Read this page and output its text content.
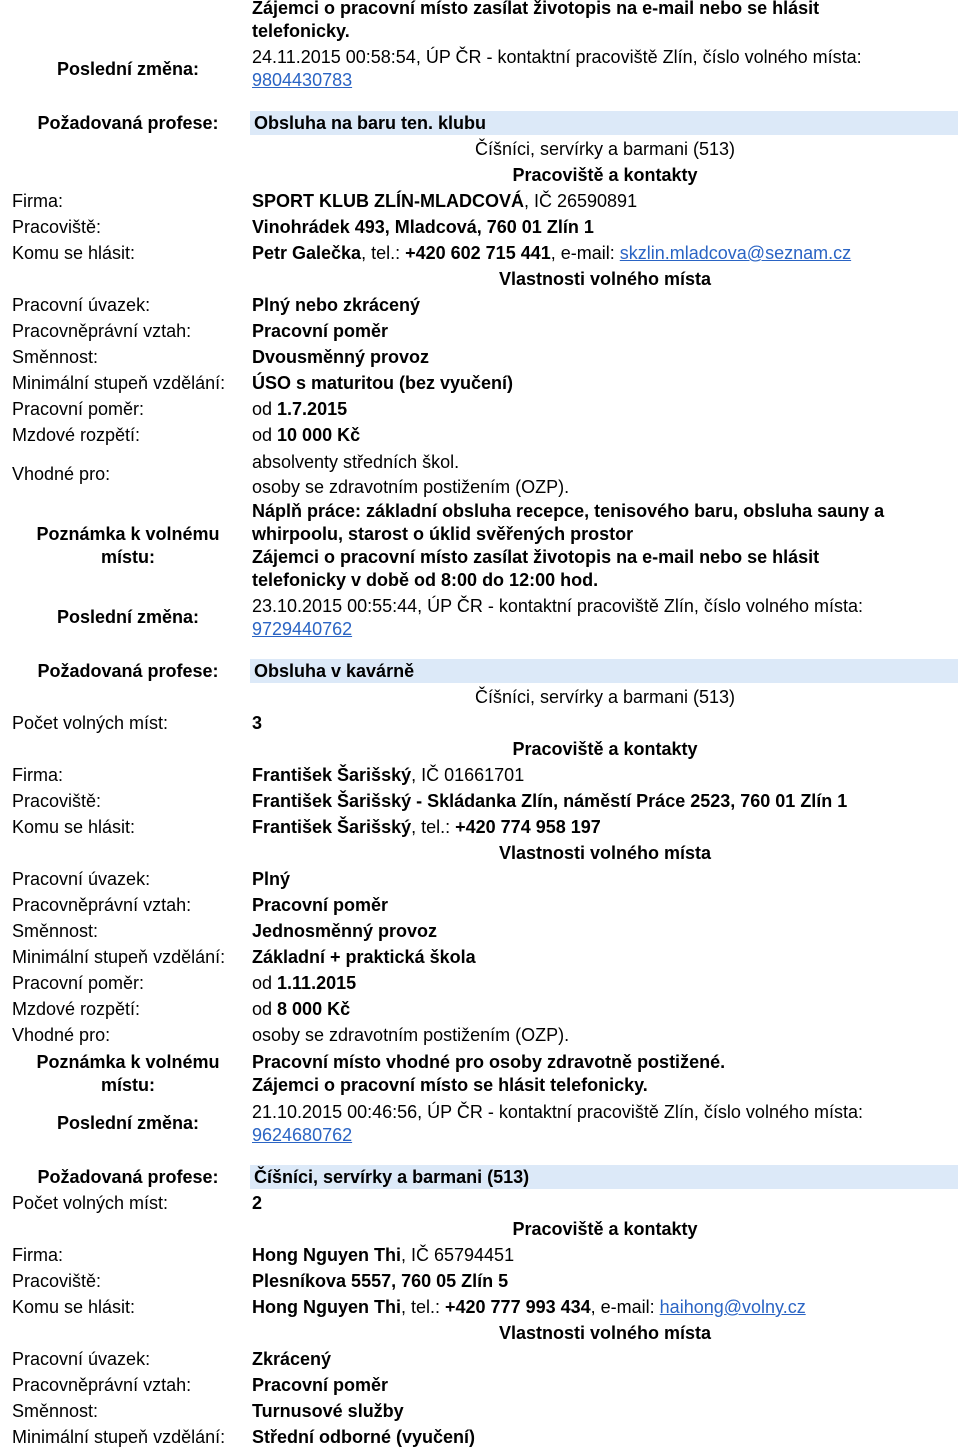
Zájemci o pracovní místo zasílat životopis na e-mail nebo se hlásit
telefonicky.
Poslední změna:
24.11.2015 00:58:54, ÚP ČR - kontaktní pracoviště Zlín, číslo volného místa:
9804430783
Požadovaná profese:	Obsluha na baru ten. klubu
Číšníci, servírky a barmani (513)
Pracoviště a kontakty
Firma:	SPORT KLUB ZLÍN-MLADCOVÁ, IČ 26590891
Pracoviště:	Vinohrádek 493, Mladcová, 760 01 Zlín 1
Komu se hlásit:	Petr Galečka, tel.: +420 602 715 441, e-mail: skzlin.mladcova@seznam.cz
Vlastnosti volného místa
Pracovní úvazek:	Plný nebo zkrácený
Pracovněprávní vztah:	Pracovní poměr
Směnnost:	Dvousměnný provoz
Minimální stupeň vzdělání: ÚSO s maturitou (bez vyučení)
Pracovní poměr:	od 1.7.2015
Mzdové rozpětí:	od 10 000 Kč
Vhodné pro:
absolventy středních škol.
osoby se zdravotním postižením (OZP).
Náplň práce: základní obsluha recepce, tenisového baru, obsluha sauny a
Poznámka k volnému	whirpoolu, starost o úklid svěřených prostor
místu:	Zájemci o pracovní místo zasílat životopis na e-mail nebo se hlásit
telefonicky v době od 8:00 do 12:00 hod.
Poslední změna:
23.10.2015 00:55:44, ÚP ČR - kontaktní pracoviště Zlín, číslo volného místa:
9729440762
Požadovaná profese:	Obsluha v kavárně
Číšníci, servírky a barmani (513)
Počet volných míst:	3
Pracoviště a kontakty
Firma:	František Šarišský, IČ 01661701
Pracoviště:	František Šarišský - Skládanka Zlín, náměstí Práce 2523, 760 01 Zlín 1
Komu se hlásit:	František Šarišský, tel.: +420 774 958 197
Vlastnosti volného místa
Pracovní úvazek:	Plný
Pracovněprávní vztah:	Pracovní poměr
Směnnost:	Jednosměnný provoz
Minimální stupeň vzdělání: Základní + praktická škola
Pracovní poměr:	od 1.11.2015
Mzdové rozpětí:	od 8 000 Kč
Vhodné pro:	osoby se zdravotním postižením (OZP).
Poznámka k volnému	Pracovní místo vhodné pro osoby zdravotně postižené.
místu:	Zájemci o pracovní místo se hlásit telefonicky.
Poslední změna:
21.10.2015 00:46:56, ÚP ČR - kontaktní pracoviště Zlín, číslo volného místa:
9624680762
Požadovaná profese:	Číšníci, servírky a barmani (513)
Počet volných míst:	2
Pracoviště a kontakty
Firma:	Hong Nguyen Thi, IČ 65794451
Pracoviště:	Plesníkova 5557, 760 05 Zlín 5
Komu se hlásit:	Hong Nguyen Thi, tel.: +420 777 993 434, e-mail: haihong@volny.cz
Vlastnosti volného místa
Pracovní úvazek:	Zkrácený
Pracovněprávní vztah:	Pracovní poměr
Směnnost:	Turnusové služby
Minimální stupeň vzdělání: Střední odborné (vyučení)
